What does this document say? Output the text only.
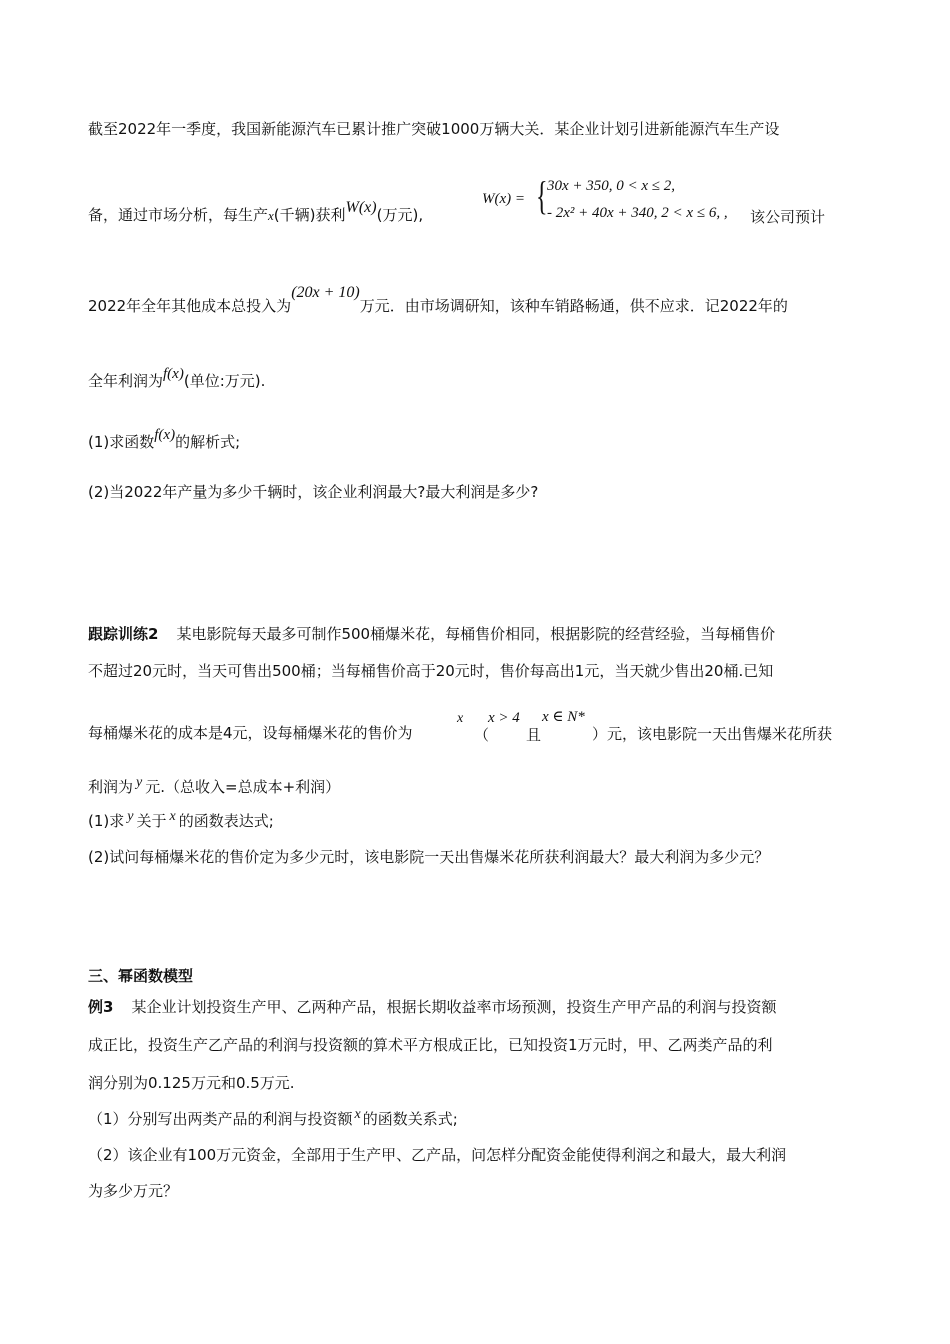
截至2022年一季度，我国新能源汽车已累计推广突破1000万辆大关．某企业计划引进新能源汽车生产设
备，通过市场分析，每生产x(千辆)获利W(x)(万元),
W(x) = { 30x + 350, 0 < x ≤ 2,
- 2x² + 40x + 340, 2 < x ≤ 6, , 该公司预计
2022年全年其他成本总投入为(20x + 10)万元．由市场调研知，该种车销路畅通，供不应求．记2022年的
全年利润为f(x)(单位:万元).
(1)求函数f(x)的解析式;
(2)当2022年产量为多少千辆时，该企业利润最大?最大利润是多少?
跟踪训练2 某电影院每天最多可制作500桶爆米花，每桶售价相同，根据影院的经营经验，当每桶售价
不超过20元时，当天可售出500桶；当每桶售价高于20元时，售价每高出1元，当天就少售出20桶.已知
每桶爆米花的成本是4元，设每桶爆米花的售价为
x
（
x > 4
且
x ∈ N*
）元，该电影院一天出售爆米花所获
利润为 y 元.（总收入=总成本+利润）
(1)求 y 关于 x 的函数表达式;
(2)试问每桶爆米花的售价定为多少元时，该电影院一天出售爆米花所获利润最大？最大利润为多少元？
三、幂函数模型
例3 某企业计划投资生产甲、乙两种产品，根据长期收益率市场预测，投资生产甲产品的利润与投资额
成正比，投资生产乙产品的利润与投资额的算术平方根成正比，已知投资1万元时，甲、乙两类产品的利
润分别为0.125万元和0.5万元.
（1）分别写出两类产品的利润与投资额 x 的函数关系式;
（2）该企业有100万元资金，全部用于生产甲、乙产品，问怎样分配资金能使得利润之和最大，最大利润
为多少万元？
